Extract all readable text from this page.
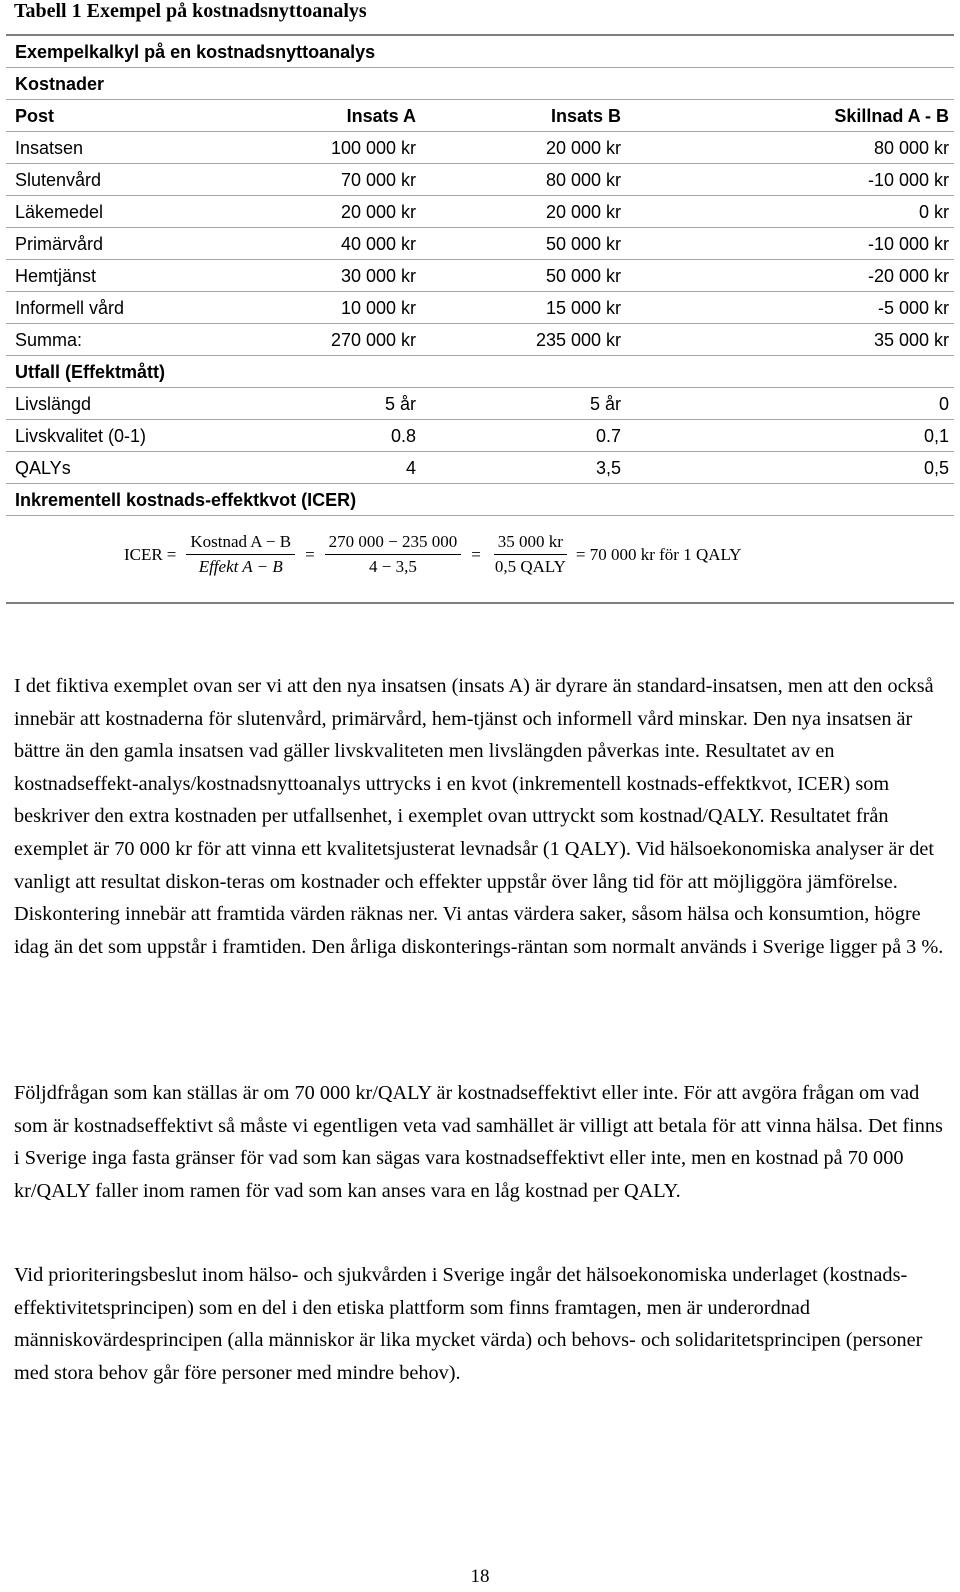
Tabell 1 Exempel på kostnadsnyttoanalys
Exempelkalkyl på en kostnadsnyttoanalys
Kostnader
Post	Insats A	Insats B	Skillnad A - B
Insatsen	100 000 kr	20 000 kr	80 000 kr
Slutenvård	70 000 kr	80 000 kr	-10 000 kr
Läkemedel	20 000 kr	20 000 kr	0 kr
Primärvård	40 000 kr	50 000 kr	-10 000 kr
Hemtjänst	30 000 kr	50 000 kr	-20 000 kr
Informell vård	10 000 kr	15 000 kr	-5 000 kr
Summa:	270 000 kr	235 000 kr	35 000 kr
Utfall (Effektmått)
Livslängd	5 år	5 år	0
Livskvalitet (0-1)	0.8	0.7	0,1
QALYs	4	3,5	0,5
Inkrementell kostnads-effektkvot (ICER)
ICER = $\frac{\text{Kostnad A − B}}{\text{Effekt A − B}} = \frac{270 000 - 235 000}{4 - 3,5} = \frac{35 000 kr}{\text{0,5 QALY}} = 70$ 000 kr för 1 QALY

I det fiktiva exemplet ovan ser vi att den nya insatsen (insats A) är dyrare än standard-insatsen, men att den också innebär att kostnaderna för slutenvård, primärvård, hem-tjänst och informell vård minskar. Den nya insatsen är bättre än den gamla insatsen vad gäller livskvaliteten men livslängden påverkas inte. Resultatet av en kostnadseffekt-analys/kostnadsnyttoanalys uttrycks i en kvot (inkrementell kostnads-effektkvot, ICER) som beskriver den extra kostnaden per utfallsenhet, i exemplet ovan uttryckt som kostnad/QALY. Resultatet från exemplet är 70 000 kr för att vinna ett kvalitetsjusterat levnadsår (1 QALY). Vid hälsoekonomiska analyser är det vanligt att resultat diskon-teras om kostnader och effekter uppstår över lång tid för att möjliggöra jämförelse. Diskontering innebär att framtida värden räknas ner. Vi antas värdera saker, såsom hälsa och konsumtion, högre idag än det som uppstår i framtiden. Den årliga diskonterings-räntan som normalt används i Sverige ligger på 3 %.

Följdfrågan som kan ställas är om 70 000 kr/QALY är kostnadseffektivt eller inte. För att avgöra frågan om vad som är kostnadseffektivt så måste vi egentligen veta vad samhället är villigt att betala för att vinna hälsa. Det finns i Sverige inga fasta gränser för vad som kan sägas vara kostnadseffektivt eller inte, men en kostnad på 70 000 kr/QALY faller inom ramen för vad som kan anses vara en låg kostnad per QALY.

Vid prioriteringsbeslut inom hälso- och sjukvården i Sverige ingår det hälsoekonomiska underlaget (kostnads-effektivitetsprincipen) som en del i den etiska plattform som finns framtagen, men är underordnad människovärdesprincipen (alla människor är lika mycket värda) och behovs- och solidaritetsprincipen (personer med stora behov går före personer med mindre behov).

18
